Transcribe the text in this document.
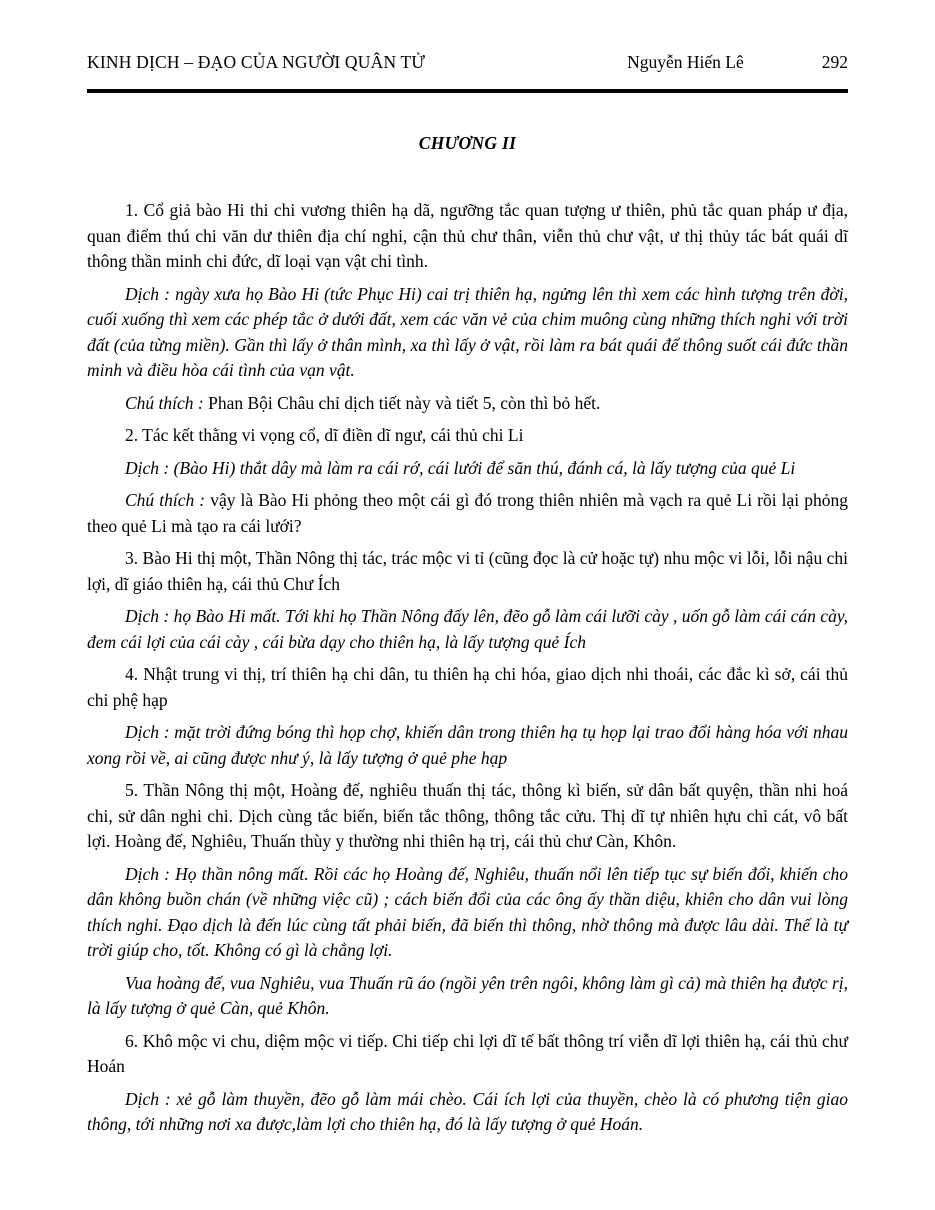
KINH DỊCH – ĐẠO CỦA NGƯỜI QUÂN TỬ	Nguyễn Hiến Lê	292
CHƯƠNG II

1. Cổ giả bào Hi thi chi vương thiên hạ dã, ngưỡng tắc quan tượng ư thiên, phủ tắc quan pháp ư địa, quan điểm thú chi văn dư thiên địa chí nghi, cận thủ chư thân, viễn thủ chư vật, ư thị thủy tác bát quái dĩ thông thần minh chi đức, dĩ loại vạn vật chi tình.

Dịch : ngày xưa họ Bào Hi (tức Phục Hi) cai trị thiên hạ, ngửng lên thì xem các hình tượng trên đời, cuối xuống thì xem các phép tắc ở dưới đất, xem các văn vẻ của chim muông cùng những thích nghi với trời đất (của từng miền). Gần thì lấy ở thân mình, xa thì lấy ở vật, rồi làm ra bát quái để thông suốt cái đức thần minh và điều hòa cái tình của vạn vật.

Chú thích : Phan Bội Châu chỉ dịch tiết này và tiết 5, còn thì bỏ hết.

2. Tác kết thằng vi vọng cổ, dĩ điền dĩ ngư, cái thủ chi Li

Dịch : (Bào Hi) thắt dây mà làm ra cái rớ, cái lưới để săn thú, đánh cá, là lấy tượng của quẻ Li

Chú thích : vậy là Bào Hi phỏng theo một cái gì đó trong thiên nhiên mà vạch ra quẻ Li rồi lại phỏng theo quẻ Li mà tạo ra cái lưới?

3. Bào Hi thị một, Thần Nông thị tác, trác mộc vi tỉ (cũng đọc là cử hoặc tự) nhu mộc vi lỗi, lỗi nậu chi lợi, dĩ giáo thiên hạ, cái thủ Chư Ích

Dịch : họ Bào Hi mất. Tới khi họ Thần Nông đấy lên, đẽo gỗ làm cái lưỡi cày , uốn gỗ làm cái cán cày, đem cái lợi của cái cày , cái bừa dạy cho thiên hạ, là lấy tượng quẻ Ích

4. Nhật trung vi thị, trí thiên hạ chi dân, tu thiên hạ chi hóa, giao dịch nhi thoái, các đắc kì sở, cái thủ chi phệ hạp

Dịch : mặt trời đứng bóng thì họp chợ, khiến dân trong thiên hạ tụ họp lại trao đổi hàng hóa với nhau xong rồi về, ai cũng được như ý, là lấy tượng ở quẻ phe hạp

5. Thần Nông thị một, Hoàng đế, nghiêu thuấn thị tác, thông kì biến, sử dân bất quyện, thần nhi hoá chi, sử dân nghi chi. Dịch cùng tắc biến, biến tắc thông, thông tắc cửu. Thị dĩ tự nhiên hựu chi cát, vô bất lợi. Hoàng đế, Nghiêu, Thuấn thùy y thường nhi thiên hạ trị, cái thủ chư Càn, Khôn.

Dịch : Họ thần nông mất. Rồi các họ Hoàng đế, Nghiêu, thuấn nổi lên tiếp tục sự biến đổi, khiến cho dân không buồn chán (về những việc cũ) ; cách biến đổi của các ông ấy thần diệu, khiên cho dân vui lòng thích nghi. Đạo dịch là đến lúc cùng tất phải biến, đã biến thì thông, nhờ thông mà được lâu dài. Thế là tự trời giúp cho, tốt. Không có gì là chẳng lợi.

Vua hoàng đế, vua Nghiêu, vua Thuấn rũ áo (ngồi yên trên ngôi, không làm gì cả) mà thiên hạ được rị, là lấy tượng ở quẻ Càn, quẻ Khôn.

6. Khô mộc vi chu, diệm mộc vi tiếp. Chi tiếp chi lợi dĩ tế bất thông trí viễn dĩ lợi thiên hạ, cái thủ chư Hoán

Dịch : xẻ gỗ làm thuyền, đẽo gỗ làm mái chèo. Cái ích lợi của thuyền, chèo là có phương tiện giao thông, tới những nơi xa được,làm lợi cho thiên hạ, đó là lấy tượng ở quẻ Hoán.
